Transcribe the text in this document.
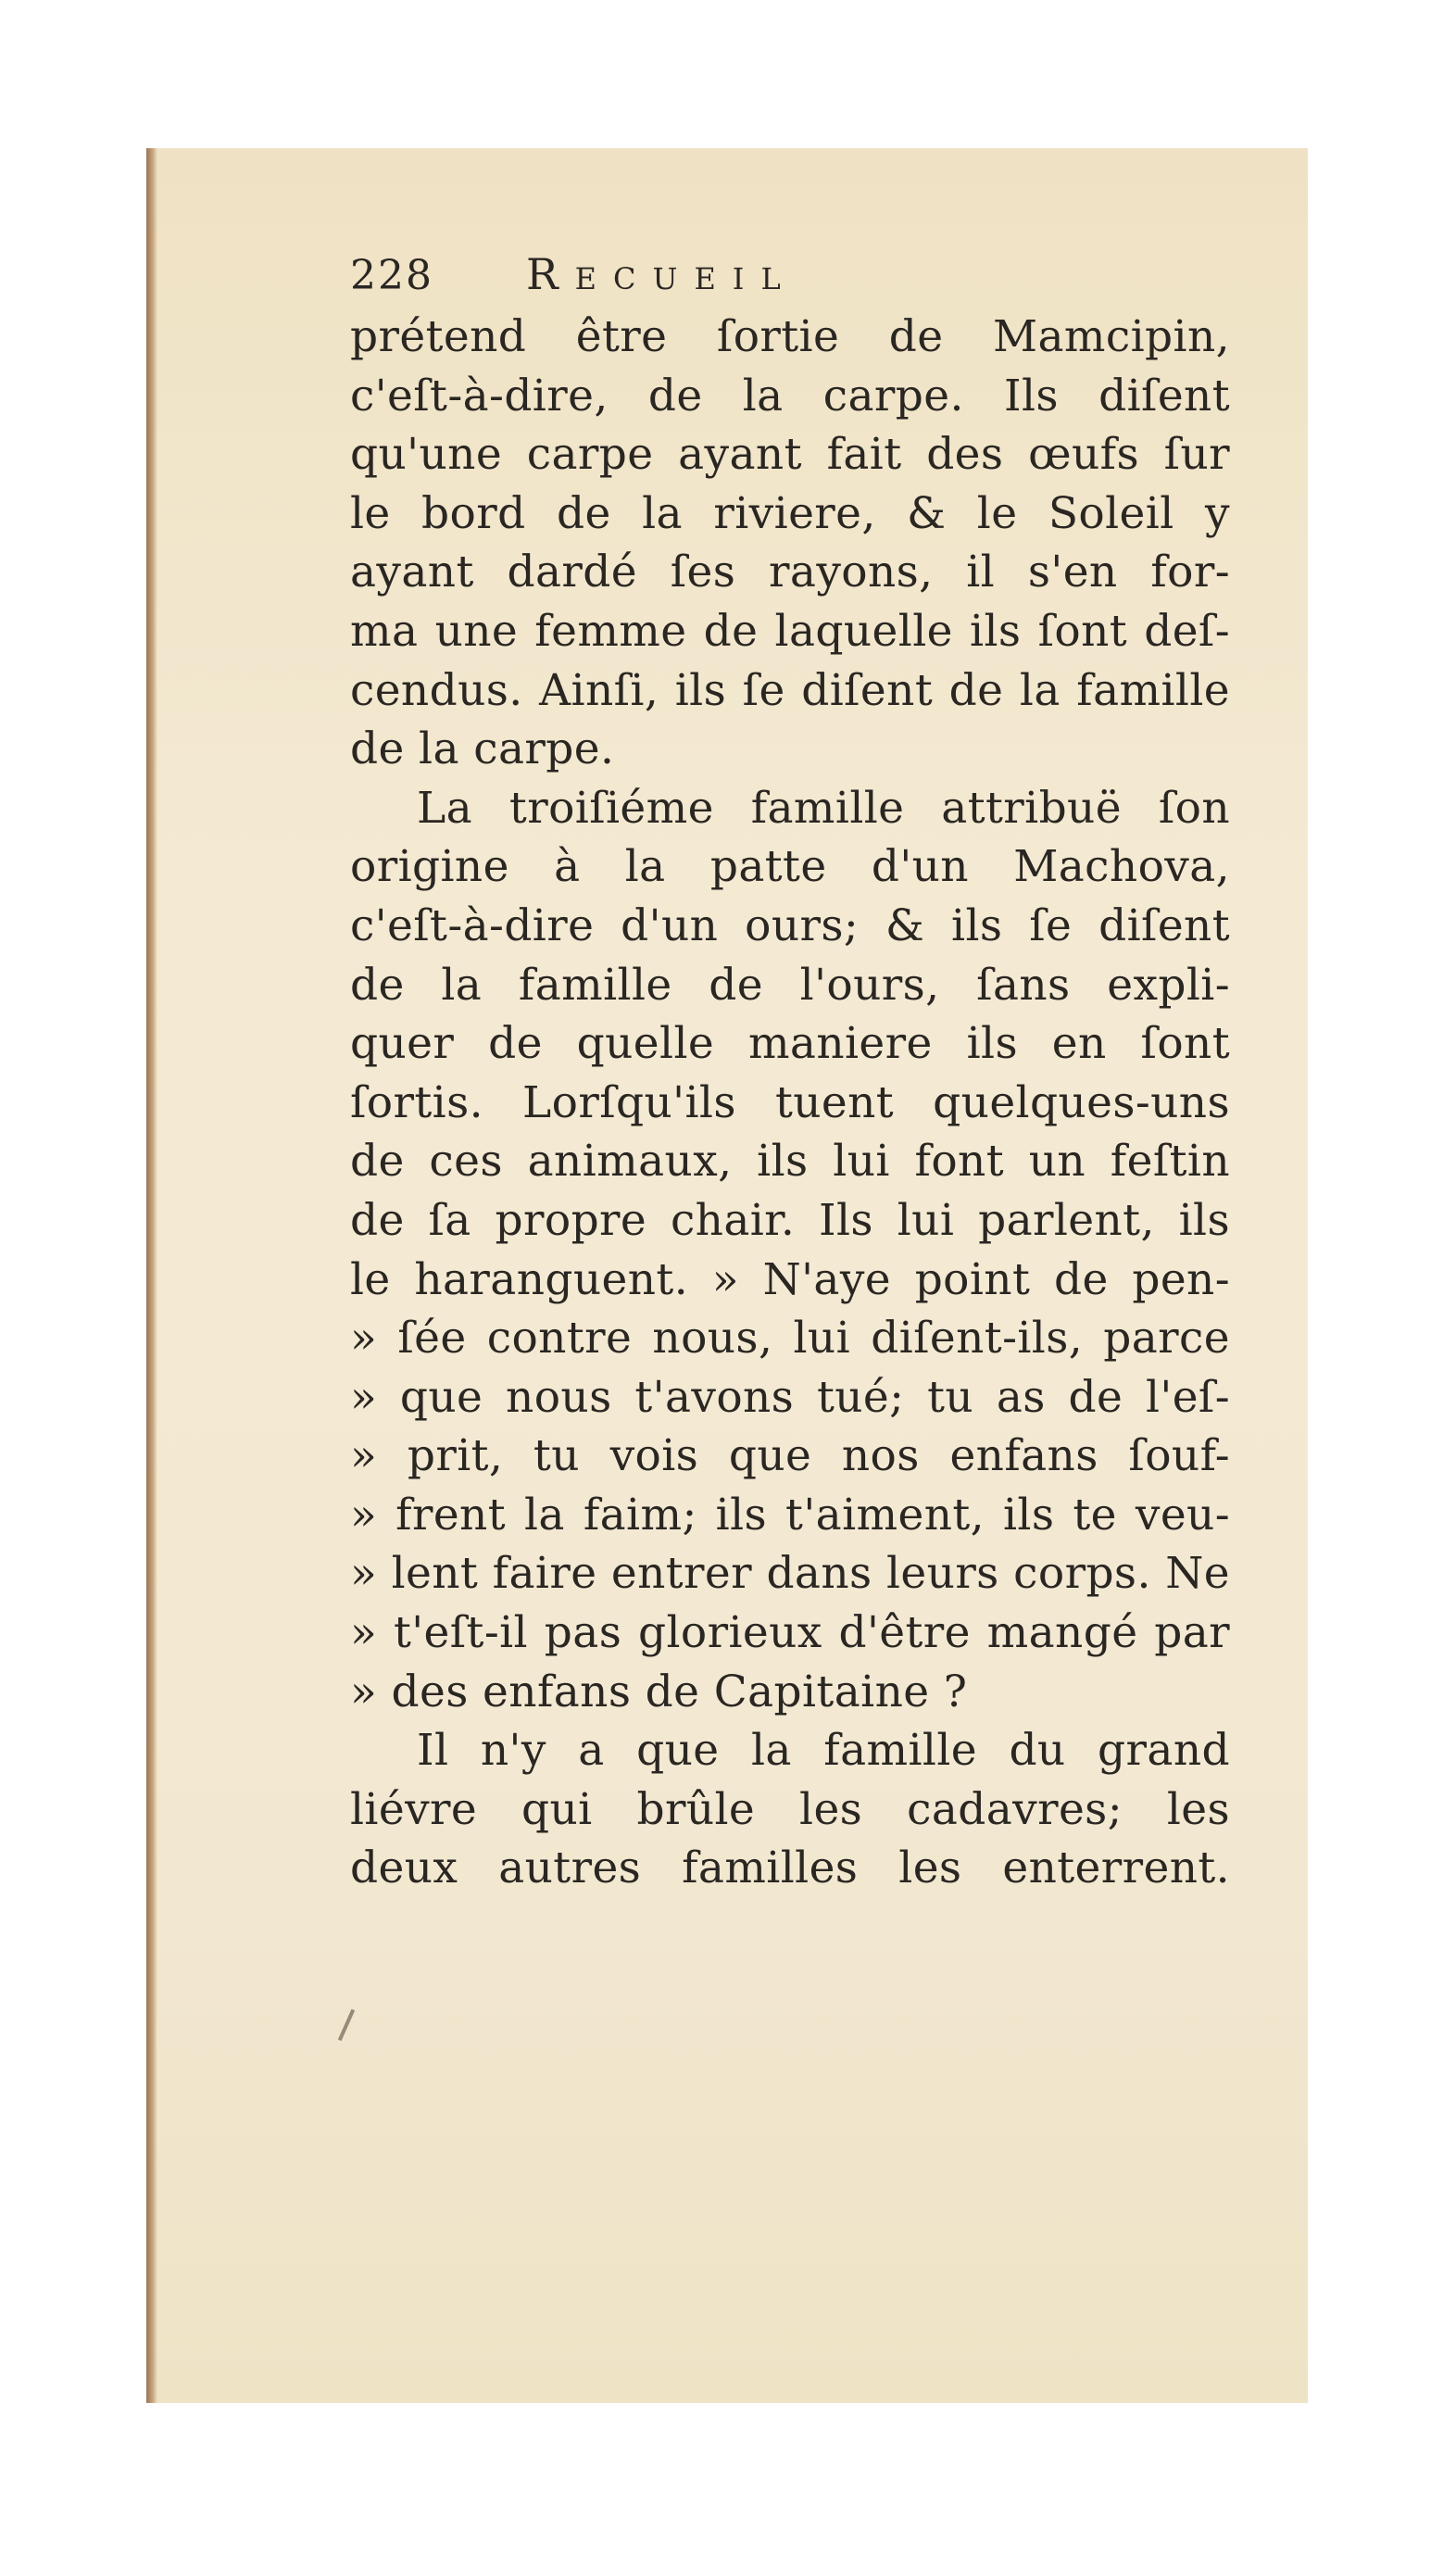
228	Recueil
prétend être ſortie de Mamcipin,
c'eſt-à-dire, de la carpe. Ils diſent
qu'une carpe ayant fait des œufs ſur
le bord de la riviere, & le Soleil y
ayant dardé ſes rayons, il s'en for-
ma une femme de laquelle ils ſont deſ-
cendus. Ainſi, ils ſe diſent de la famille
de la carpe.
La troiſiéme famille attribuë ſon
origine à la patte d'un Machova,
c'eſt-à-dire d'un ours; & ils ſe diſent
de la famille de l'ours, ſans expli-
quer de quelle maniere ils en ſont
ſortis. Lorſqu'ils tuent quelques-uns
de ces animaux, ils lui font un feſtin
de ſa propre chair. Ils lui parlent, ils
le haranguent. » N'aye point de pen-
» ſée contre nous, lui diſent-ils, parce
» que nous t'avons tué; tu as de l'eſ-
» prit, tu vois que nos enfans ſouf-
» frent la faim; ils t'aiment, ils te veu-
» lent faire entrer dans leurs corps. Ne
» t'eſt-il pas glorieux d'être mangé par
» des enfans de Capitaine ?
Il n'y a que la famille du grand
liévre qui brûle les cadavres; les
deux autres familles les enterrent.
